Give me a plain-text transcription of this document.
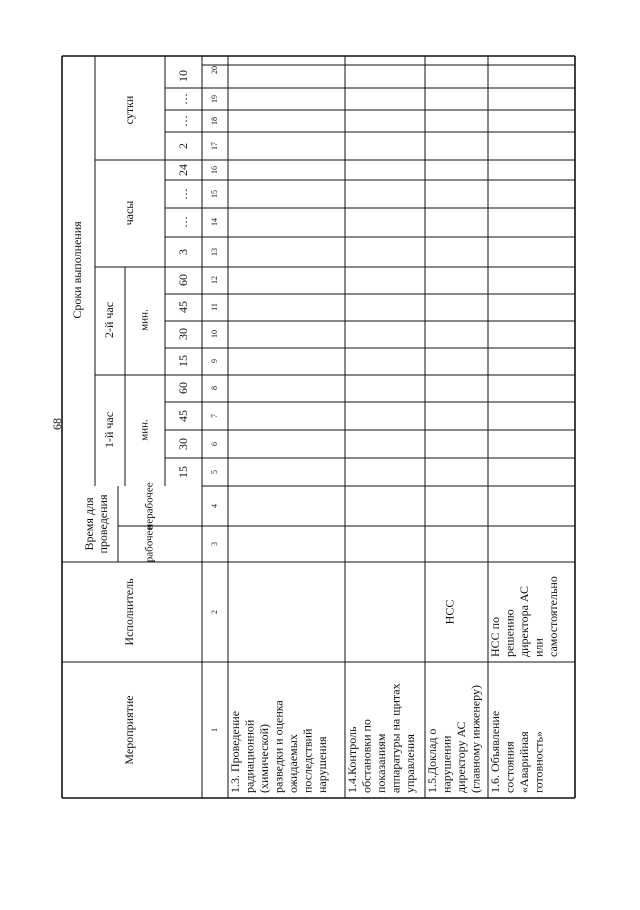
68
Мероприятие
Исполнитель
Время для проведения	рабочее
нерабочее
Сроки выполнения
1-й час
2-й час
мин.
мин.
часы
сутки
15
30
45
60
15
30
45
60
3
…
…
24
2
…
…
10
1
2
3
4
5
6
7
8
9
10
11
12
13
14
15
16
17
18
19
20
1.3. Проведение радиационной (химической) разведки и оценка ожидаемых последствий нарушения 1.4.Контроль обстановки по показаниям аппаратуры на щитах управления 1.5.Доклад о нарушении директору АС (главному инженеру)
НСС
1.6. Объявление состояния «Аварийная готовность»
НСС по решению директора АС или самостоятельно
